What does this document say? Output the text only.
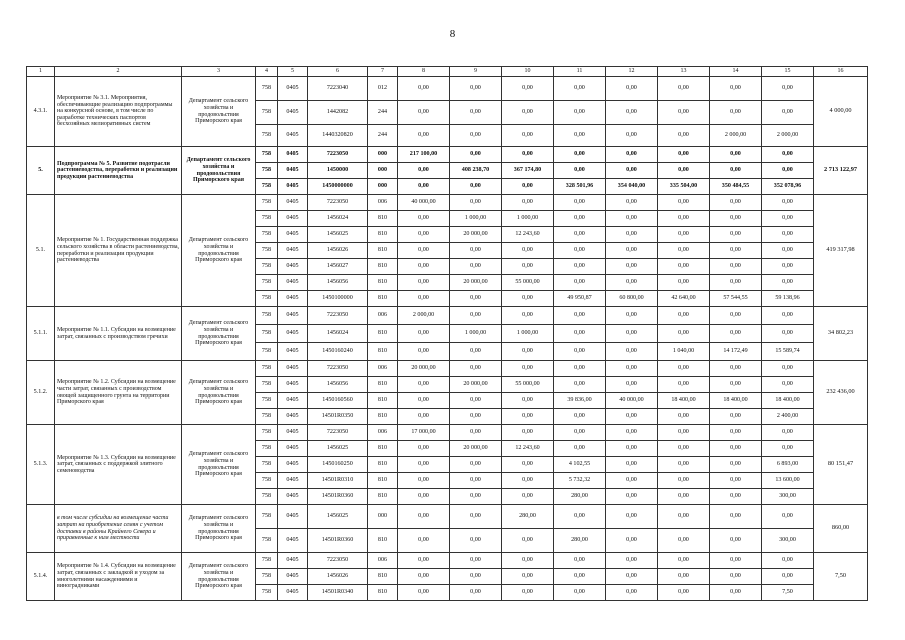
8
1	2	3	4	5	6	7	8	9	10	11	12	13	14	15	16
4.3.1.	Мероприятие № 3.1. Мероприятия, обеспечивающие реализацию подпрограммы на конкурсной основе, в том числе по разработке технических паспортов бесхозяйных мелиоративных систем	Департамент сельского хозяйства и продовольствия Приморского края	758	0405	7223040	012	0,00	0,00	0,00	0,00	0,00	0,00	0,00	0,00	4 000,00
			758	0405	1442082	244	0,00	0,00	0,00	0,00	0,00	0,00	0,00	0,00	
			758	0405	1440320820	244	0,00	0,00	0,00	0,00	0,00	0,00	2 000,00	2 000,00	
5.	Подпрограмма № 5. Развитие подотрасли растениеводства, переработки и реализации продукции растениеводства	Департамент сельского хозяйства и продовольствия Приморского края	758	0405	7223050	000	217 100,00	0,00	0,00	0,00	0,00	0,00	0,00	0,00	2 713 122,97
			758	0405	1450000	000	0,00	408 238,70	367 174,80	0,00	0,00	0,00	0,00	0,00	
			758	0405	1450000000	000	0,00	0,00	0,00	328 501,96	354 040,00	335 504,00	350 484,55	352 078,96	
5.1.	Мероприятие № 1. Государственная поддержка сельского хозяйства в области растениеводства, переработки и реализации продукции растениеводства	Департамент сельского хозяйства и продовольствия Приморского края	758	0405	7223050	006	40 000,00	0,00	0,00	0,00	0,00	0,00	0,00	0,00	419 317,98
			758	0405	1456024	810	0,00	1 000,00	1 000,00	0,00	0,00	0,00	0,00	0,00	
			758	0405	1456025	810	0,00	20 000,00	12 243,60	0,00	0,00	0,00	0,00	0,00	
			758	0405	1456026	810	0,00	0,00	0,00	0,00	0,00	0,00	0,00	0,00	
			758	0405	1456027	810	0,00	0,00	0,00	0,00	0,00	0,00	0,00	0,00	
			758	0405	1456056	810	0,00	20 000,00	55 000,00	0,00	0,00	0,00	0,00	0,00	
			758	0405	1450100000	810	0,00	0,00	0,00	49 950,87	60 800,00	42 640,00	57 544,55	59 138,96	
5.1.1.	Мероприятие № 1.1. Субсидии на возмещение затрат, связанных с производством гречихи	Департамент сельского хозяйства и продовольствия Приморского края	758	0405	7223050	006	2 000,00	0,00	0,00	0,00	0,00	0,00	0,00	0,00	34 802,23
			758	0405	1456024	810	0,00	1 000,00	1 000,00	0,00	0,00	0,00	0,00	0,00	
			758	0405	1450160240	810	0,00	0,00	0,00	0,00	0,00	1 040,00	14 172,49	15 589,74	
5.1.2.	Мероприятие № 1.2. Субсидии на возмещение части затрат, связанных с производством овощей защищенного грунта на территории Приморского края	Департамент сельского хозяйства и продовольствия Приморского края	758	0405	7223050	006	20 000,00	0,00	0,00	0,00	0,00	0,00	0,00	0,00	232 436,00
			758	0405	1456056	810	0,00	20 000,00	55 000,00	0,00	0,00	0,00	0,00	0,00	
			758	0405	1450160560	810	0,00	0,00	0,00	39 836,00	40 000,00	18 400,00	18 400,00	18 400,00	
			758	0405	14501R0350	810	0,00	0,00	0,00	0,00	0,00	0,00	0,00	2 400,00	
5.1.3.	Мероприятие № 1.3. Субсидии на возмещение затрат, связанных с поддержкой элитного семеноводства	Департамент сельского хозяйства и продовольствия Приморского края	758	0405	7223050	006	17 000,00	0,00	0,00	0,00	0,00	0,00	0,00	0,00	80 151,47
			758	0405	1456025	810	0,00	20 000,00	12 243,60	0,00	0,00	0,00	0,00	0,00	
			758	0405	1450160250	810	0,00	0,00	0,00	4 102,55	0,00	0,00	0,00	6 893,00	
			758	0405	14501R0310	810	0,00	0,00	0,00	5 732,32	0,00	0,00	0,00	13 600,00	
			758	0405	14501R0360	810	0,00	0,00	0,00	280,00	0,00	0,00	0,00	300,00	
	в том числе субсидии на возмещение части затрат на приобретение семян с учетом доставки в районы Крайнего Севера и приравненные к ним местности	Департамент сельского хозяйства и продовольствия Приморского края	758	0405	1456025	000	0,00	0,00	280,00	0,00	0,00	0,00	0,00	0,00	860,00
			758	0405	14501R0360	810	0,00	0,00	0,00	280,00	0,00	0,00	0,00	300,00	
5.1.4.	Мероприятие № 1.4. Субсидии на возмещение затрат, связанных с закладкой и уходом за многолетними насаждениями и виноградниками	Департамент сельского хозяйства и продовольствия Приморского края	758	0405	7223050	006	0,00	0,00	0,00	0,00	0,00	0,00	0,00	0,00	7,50
			758	0405	1456026	810	0,00	0,00	0,00	0,00	0,00	0,00	0,00	0,00	
			758	0405	14501R0340	810	0,00	0,00	0,00	0,00	0,00	0,00	0,00	7,50	
